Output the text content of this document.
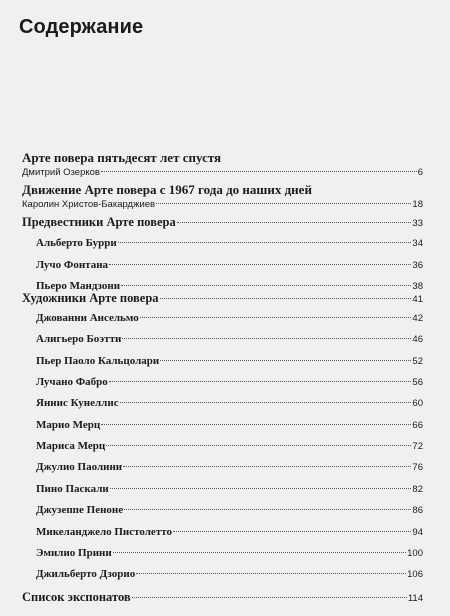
Содержание
Арте повера пятьдесят лет спустя
Дмитрий Озерков	6
Движение Арте повера с 1967 года до наших дней
Каролин Христов-Бакарджиев	18
Предвестники Арте повера	33
Альберто Бурри	34
Лучо Фонтана	36
Пьеро Мандзони	38
Художники Арте повера	41
Джованни Ансельмо	42
Алигьеро Боэтти	46
Пьер Паоло Кальцолари	52
Лучано Фабро	56
Яннис Кунеллис	60
Марио Мерц	66
Мариса Мерц	72
Джулио Паолини	76
Пино Паскали	82
Джузеппе Пеноне	86
Микеланджело Пистолетто	94
Эмилио Прини	100
Джильберто Дзорио	106
Список экспонатов	114
